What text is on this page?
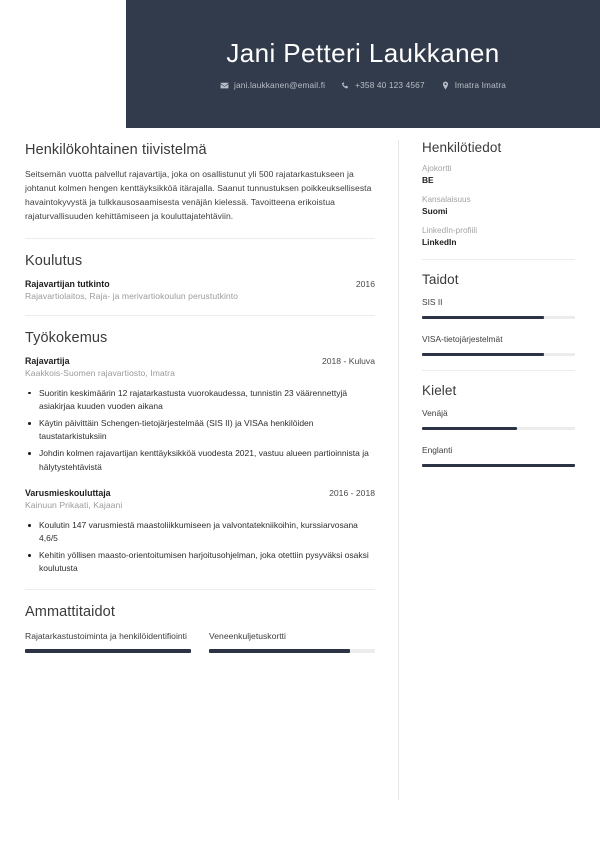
Jani Petteri Laukkanen
jani.laukkanen@email.fi	+358 40 123 4567	Imatra Imatra
Henkilökohtainen tiivistelmä
Seitsemän vuotta palvellut rajavartija, joka on osallistunut yli 500 rajatarkastukseen ja johtanut kolmen hengen kenttäyksikköä itärajalla. Saanut tunnustuksen poikkeuksellisesta havaintokyvystä ja tulkkausosaamisesta venäjän kielessä. Tavoitteena erikoistua rajaturvallisuuden kehittämiseen ja kouluttajatehtäviin.
Koulutus
Rajavartijan tutkinto	2016
Rajavartiolaitos, Raja- ja merivartiokoulun perustutkinto
Työkokemus
Rajavartija	2018 - Kuluva
Kaakkois-Suomen rajavartiosto, Imatra
Suoritin keskimäärin 12 rajatarkastusta vuorokaudessa, tunnistin 23 väärennettyjä asiakirjaa kuuden vuoden aikana
Käytin päivittäin Schengen-tietojärjestelmää (SIS II) ja VISAa henkilöiden taustatarkistuksiin
Johdin kolmen rajavartijan kenttäyksikköä vuodesta 2021, vastuu alueen partioinnista ja hälytystehtävistä
Varusmieskouluttaja	2016 - 2018
Kainuun Prikaati, Kajaani
Koulutin 147 varusmiestä maastoliikkumiseen ja valvontatekniikoihin, kurssiarvosana 4,6/5
Kehitin yöllisen maasto-orientoitumisen harjoitusohjelman, joka otettiin pysyväksi osaksi koulutusta
Ammattitaidot
Rajatarkastustoiminta ja henkilöidentifiointi	Veneenkuljetuskortti
Henkilötiedot
Ajokortti
BE
Kansalaisuus
Suomi
LinkedIn-profiili
LinkedIn
Taidot
SIS II
VISA-tietojärjestelmät
Kielet
Venäjä
Englanti
